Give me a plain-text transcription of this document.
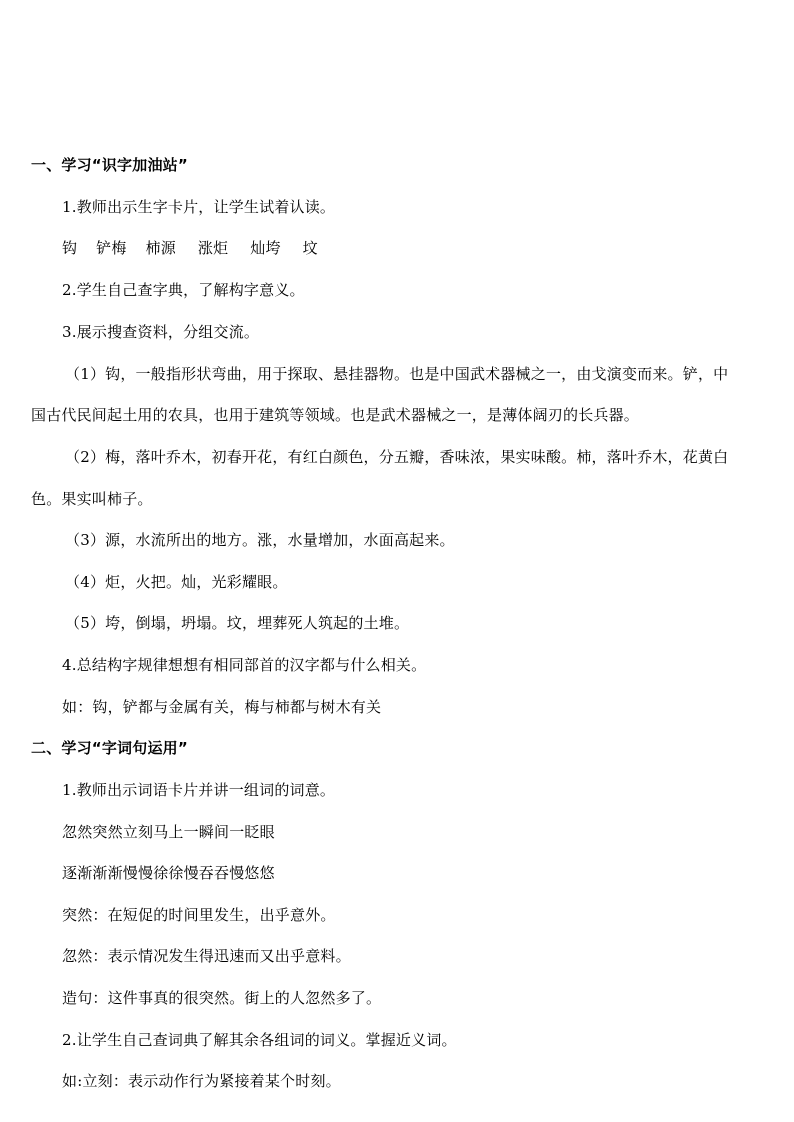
一、学习“识字加油站”
1.教师出示生字卡片，让学生试着认读。
钩 铲梅 柿源 涨炬 灿垮 坟
2.学生自己查字典，了解构字意义。
3.展示搜查资料，分组交流。
（1）钩，一般指形状弯曲，用于探取、悬挂器物。也是中国武术器械之一，由戈演变而来。铲，中
国古代民间起土用的农具，也用于建筑等领域。也是武术器械之一，是薄体阔刃的长兵器。
（2）梅，落叶乔木，初春开花，有红白颜色，分五瓣，香味浓，果实味酸。柿，落叶乔木，花黄白
色。果实叫柿子。
（3）源，水流所出的地方。涨，水量增加，水面高起来。
（4）炬，火把。灿，光彩耀眼。
（5）垮，倒塌，坍塌。坟，埋葬死人筑起的土堆。
4.总结构字规律想想有相同部首的汉字都与什么相关。
如：钩，铲都与金属有关，梅与柿都与树木有关
二、学习“字词句运用”
1.教师出示词语卡片并讲一组词的词意。
忽然突然立刻马上一瞬间一眨眼
逐渐渐渐慢慢徐徐慢吞吞慢悠悠
突然：在短促的时间里发生，出乎意外。
忽然：表示情况发生得迅速而又出乎意料。
造句：这件事真的很突然。街上的人忽然多了。
2.让学生自己查词典了解其余各组词的词义。掌握近义词。
如:立刻：表示动作行为紧接着某个时刻。
